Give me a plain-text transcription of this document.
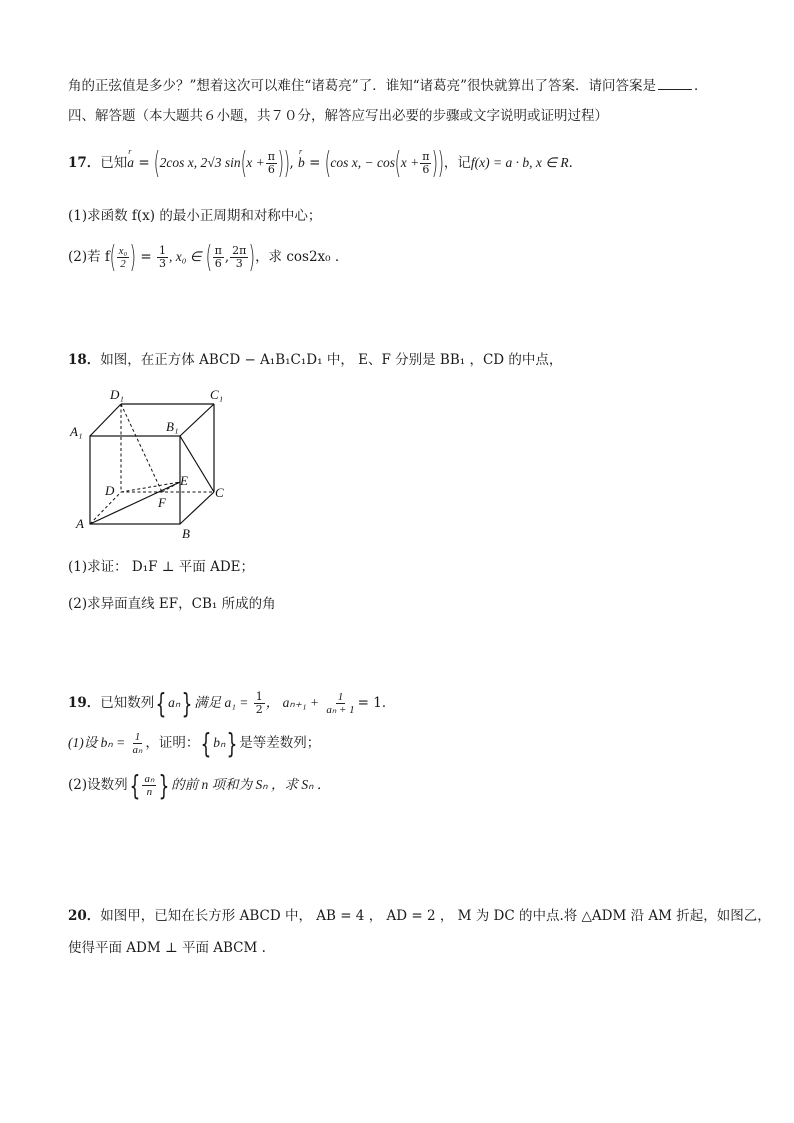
角的正弦值是多少？”想着这次可以难住“诸葛亮”了．谁知“诸葛亮”很快就算出了答案．请问答案是	．
四、解答题（本大题共６小题，共７０分，解答应写出必要的步骤或文字说明或证明过程）
17．已知
r
a = (2cos x, 2√3 $\sin(x + \frac{\pi}{6}$ )),
r
b = (cos x, − $\cos(x + \frac{\pi}{6}$ ))，记f(x) = a · b, x ∈ R．
(1)求函数 f(x) 的最小正周期和对称中心；
(2)若 $f( \frac{\text{x₀}}{2}$ ) = $\frac{1}{3}$ , x₀ ∈ ( $\frac{\pi}{6}$ , $\frac{2\pi}{3}$ )，求 cos2x₀ ．
18．如图，在正方体 ABCD − A₁B₁C₁D₁ 中， E、F 分别是 BB₁ ，CD 的中点，
D₁	C₁
A₁	B₁
D
E
C
F
A
B
(1)求证： D₁F ⊥ 平面 ADE；
(2)求异面直线 EF，CB₁ 所成的角
19．已知数列{ aₙ} 满足 $a_1 = \frac{1}{2}$ ， $a_{n+1} + \frac{1}{\text{aₙ + 1}} = 1$．
(1)设 $b_n = \frac{1}{\text{aₙ}}$ ，证明：{ bₙ} 是等差数列；
(2)设数列{ $\frac{\text{aₙ}}{n}$ } 的前 n 项和为 Sₙ ，求 Sₙ ．
20．如图甲，已知在长方形 ABCD 中， AB = 4 ， AD = 2 ， M 为 DC 的中点.将 △ADM 沿 AM 折起，如图乙，
使得平面 ADM ⊥ 平面 ABCM .
